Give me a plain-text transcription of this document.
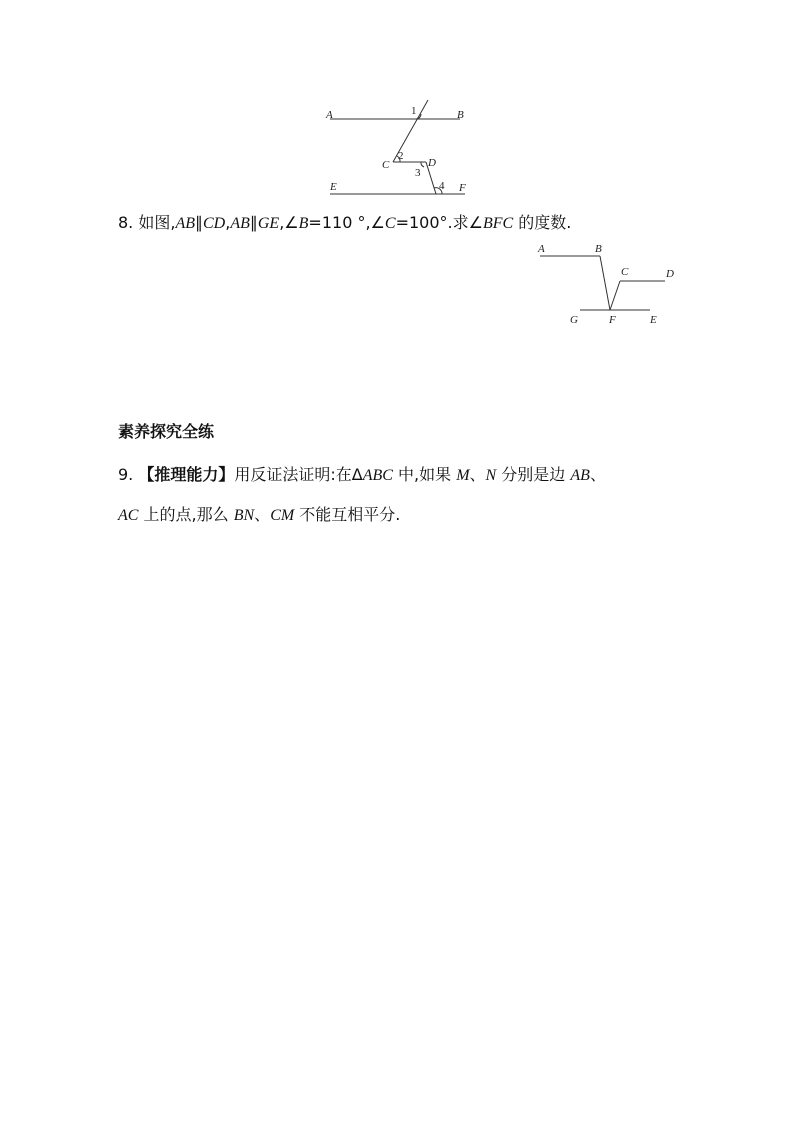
A	B
C	D
E	F
1
2
3
4
8. 如图,AB∥CD,AB∥GE,∠B=110 °,∠C=100°.求∠BFC 的度数.
A	B
C	D
G	F	E
素养探究全练
9. 【推理能力】用反证法证明:在ΔABC 中,如果 M、N 分别是边 AB、
AC 上的点,那么 BN、CM 不能互相平分.
